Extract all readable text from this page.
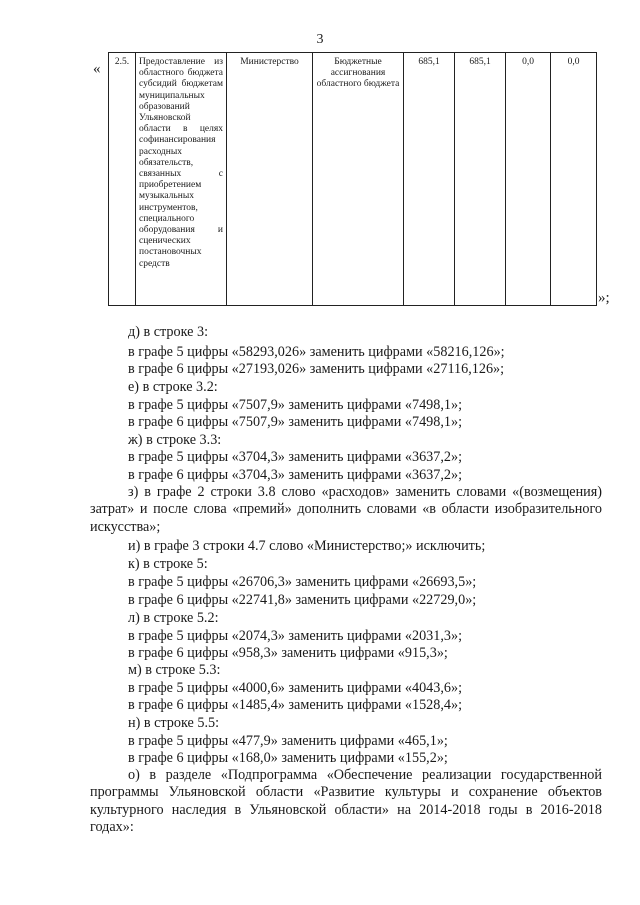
3
« 2.5.	Предоставление из областного бюджета субсидий бюджетам муниципальных образований Ульяновской области в целях софинансирования расходных обязательств, связанных с приобретением музыкальных инструментов, специального оборудования и сценических постановочных средств	Министерство	Бюджетные ассигнования областного бюджета	685,1	685,1	0,0	0,0
»;
д) в строке 3:
в графе 5 цифры «58293,026» заменить цифрами «58216,126»;
в графе 6 цифры «27193,026» заменить цифрами «27116,126»;
е) в строке 3.2:
в графе 5 цифры «7507,9» заменить цифрами «7498,1»;
в графе 6 цифры «7507,9» заменить цифрами «7498,1»;
ж) в строке 3.3:
в графе 5 цифры «3704,3» заменить цифрами «3637,2»;
в графе 6 цифры «3704,3» заменить цифрами «3637,2»;
з) в графе 2 строки 3.8 слово «расходов» заменить словами «(возмещения) затрат» и после слова «премий» дополнить словами «в области изобразительного искусства»;
и) в графе 3 строки 4.7 слово «Министерство;» исключить;
к) в строке 5:
в графе 5 цифры «26706,3» заменить цифрами «26693,5»;
в графе 6 цифры «22741,8» заменить цифрами «22729,0»;
л) в строке 5.2:
в графе 5 цифры «2074,3» заменить цифрами «2031,3»;
в графе 6 цифры «958,3» заменить цифрами «915,3»;
м) в строке 5.3:
в графе 5 цифры «4000,6» заменить цифрами «4043,6»;
в графе 6 цифры «1485,4» заменить цифрами «1528,4»;
н) в строке 5.5:
в графе 5 цифры «477,9» заменить цифрами «465,1»;
в графе 6 цифры «168,0» заменить цифрами «155,2»;
о) в разделе «Подпрограмма «Обеспечение реализации государственной программы Ульяновской области «Развитие культуры и сохранение объектов культурного наследия в Ульяновской области» на 2014-2018 годы в 2016-2018 годах»:
